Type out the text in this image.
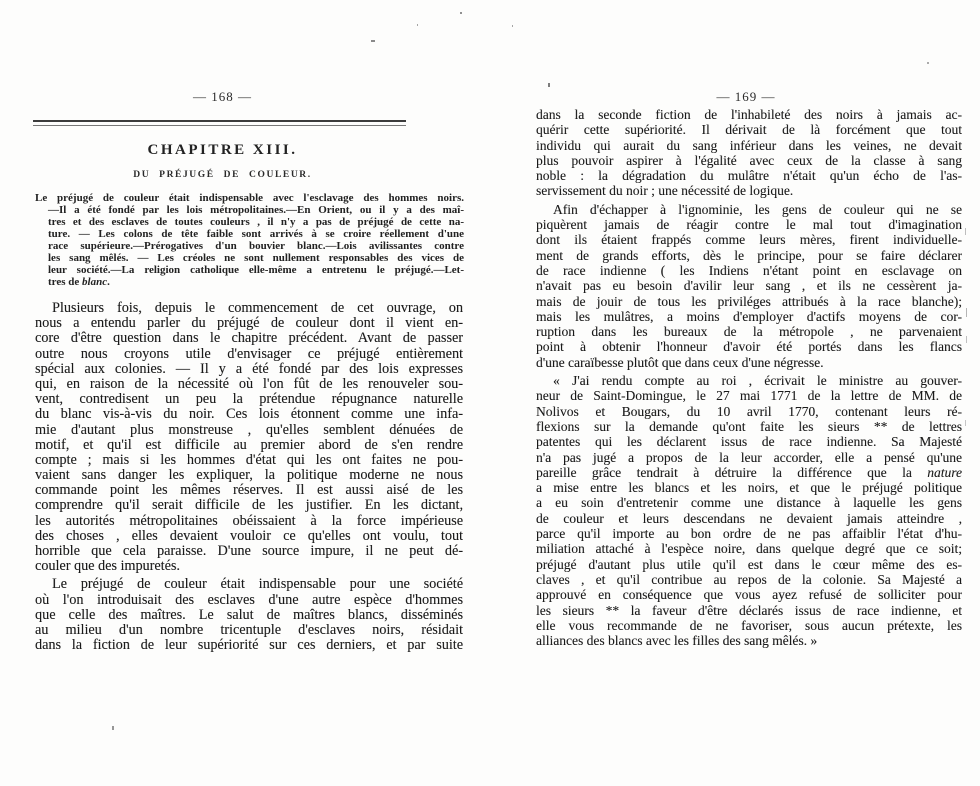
— 168 —
CHAPITRE XIII.
DU PRÉJUGÉ DE COULEUR.
Le préjugé de couleur était indispensable avec l'esclavage des hommes noirs.
—Il a été fondé par les lois métropolitaines.—En Orient, ou il y a des maî-
tres et des esclaves de toutes couleurs , il n'y a pas de préjugé de cette na-
ture. — Les colons de tête faible sont arrivés à se croire réellement d'une
race supérieure.—Prérogatives d'un bouvier blanc.—Lois avilissantes contre
les sang mêlés. — Les créoles ne sont nullement responsables des vices de
leur société.—La religion catholique elle-même a entretenu le préjugé.—Let-
tres de blanc.
Plusieurs fois, depuis le commencement de cet ouvrage, on
nous a entendu parler du préjugé de couleur dont il vient en-
core d'être question dans le chapitre précédent. Avant de passer
outre nous croyons utile d'envisager ce préjugé entièrement
spécial aux colonies. — Il y a été fondé par des lois expresses
qui, en raison de la nécessité où l'on fût de les renouveler sou-
vent, contredisent un peu la prétendue répugnance naturelle
du blanc vis-à-vis du noir. Ces lois étonnent comme une infa-
mie d'autant plus monstreuse , qu'elles semblent dénuées de
motif, et qu'il est difficile au premier abord de s'en rendre
compte ; mais si les hommes d'état qui les ont faites ne pou-
vaient sans danger les expliquer, la politique moderne ne nous
commande point les mêmes réserves. Il est aussi aisé de les
comprendre qu'il serait difficile de les justifier. En les dictant,
les autorités métropolitaines obéissaient à la force impérieuse
des choses , elles devaient vouloir ce qu'elles ont voulu, tout
horrible que cela paraisse. D'une source impure, il ne peut dé-
couler que des impuretés.
Le préjugé de couleur était indispensable pour une société
où l'on introduisait des esclaves d'une autre espèce d'hommes
que celle des maîtres. Le salut de maîtres blancs, disséminés
au milieu d'un nombre tricentuple d'esclaves noirs, résidait
dans la fiction de leur supériorité sur ces derniers, et par suite
— 169 —
dans la seconde fiction de l'inhabileté des noirs à jamais ac-
quérir cette supériorité. Il dérivait de là forcément que tout
individu qui aurait du sang inférieur dans les veines, ne devait
plus pouvoir aspirer à l'égalité avec ceux de la classe à sang
noble : la dégradation du mulâtre n'était qu'un écho de l'as-
servissement du noir ; une nécessité de logique.
Afin d'échapper à l'ignominie, les gens de couleur qui ne se
piquèrent jamais de réagir contre le mal tout d'imagination
dont ils étaient frappés comme leurs mères, firent individuelle-
ment de grands efforts, dès le principe, pour se faire déclarer
de race indienne ( les Indiens n'étant point en esclavage on
n'avait pas eu besoin d'avilir leur sang , et ils ne cessèrent ja-
mais de jouir de tous les priviléges attribués à la race blanche);
mais les mulâtres, a moins d'employer d'actifs moyens de cor-
ruption dans les bureaux de la métropole , ne parvenaient
point à obtenir l'honneur d'avoir été portés dans les flancs
d'une caraïbesse plutôt que dans ceux d'une négresse.
« J'ai rendu compte au roi , écrivait le ministre au gouver-
neur de Saint-Domingue, le 27 mai 1771 de la lettre de MM. de
Nolivos et Bougars, du 10 avril 1770, contenant leurs ré-
flexions sur la demande qu'ont faite les sieurs ** de lettres
patentes qui les déclarent issus de race indienne. Sa Majesté
n'a pas jugé a propos de la leur accorder, elle a pensé qu'une
pareille grâce tendrait à détruire la différence que la nature
a mise entre les blancs et les noirs, et que le préjugé politique
a eu soin d'entretenir comme une distance à laquelle les gens
de couleur et leurs descendans ne devaient jamais atteindre ,
parce qu'il importe au bon ordre de ne pas affaiblir l'état d'hu-
miliation attaché à l'espèce noire, dans quelque degré que ce soit;
préjugé d'autant plus utile qu'il est dans le cœur même des es-
claves , et qu'il contribue au repos de la colonie. Sa Majesté a
approuvé en conséquence que vous ayez refusé de solliciter pour
les sieurs ** la faveur d'être déclarés issus de race indienne, et
elle vous recommande de ne favoriser, sous aucun prétexte, les
alliances des blancs avec les filles des sang mêlés. »
